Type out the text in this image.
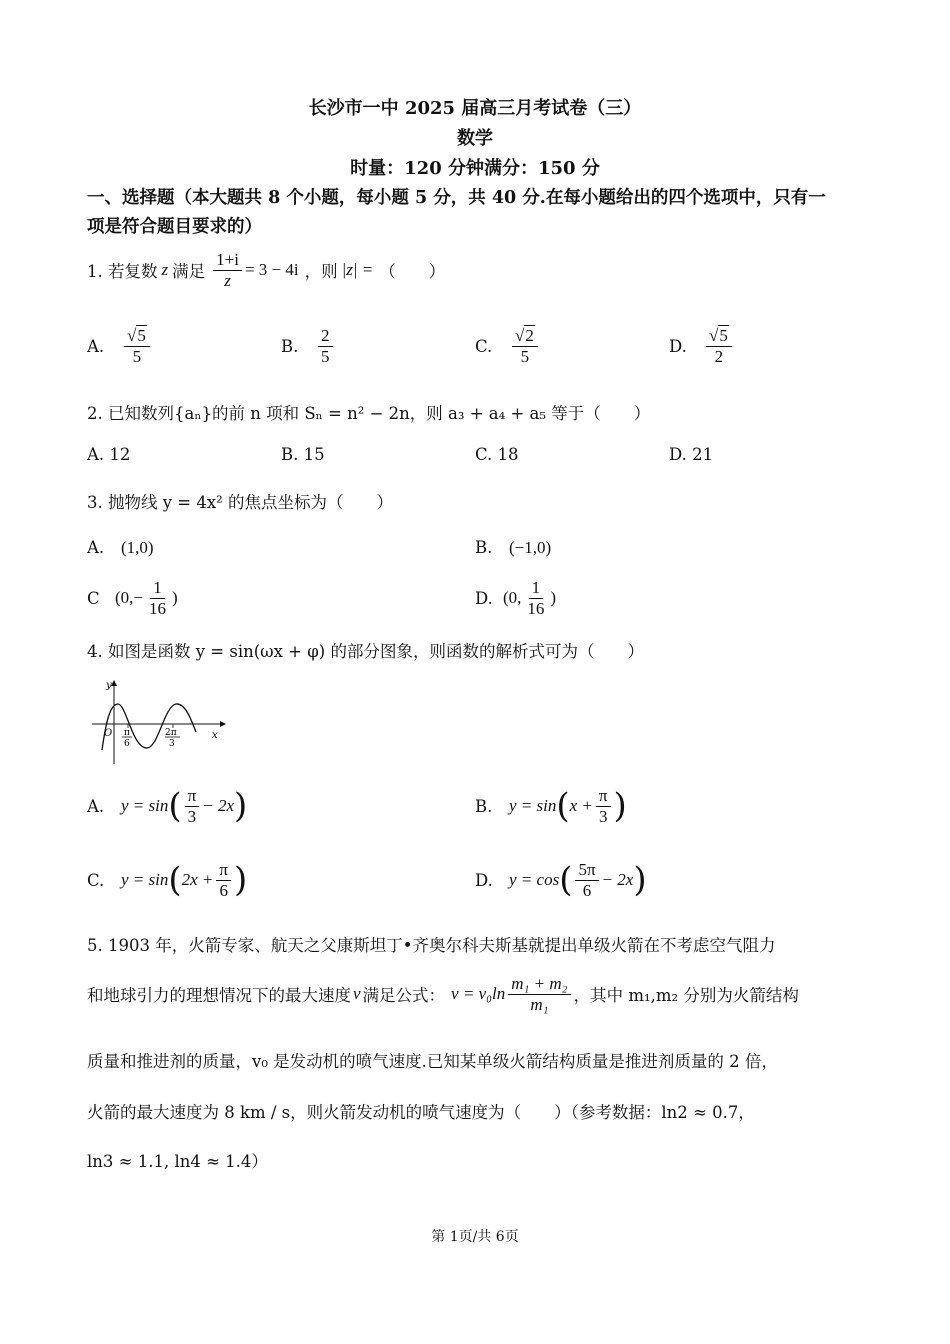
长沙市一中 2025 届高三月考试卷（三）
数学
时量：120 分钟满分：150 分
一、选择题（本大题共 8 个小题，每小题 5 分，共 40 分.在每小题给出的四个选项中，只有一
项是符合题目要求的）
1. 若复数 z 满足 $\frac{1+i}{z} = 3 - 4i$ ，则 |z| = （　　）
A.	$\frac{√5}{5}$	B.	$\frac{2}{5}$	C.	$\frac{√2}{5}$	D.	$\frac{√5}{2}$
2. 已知数列{aₙ}的前 n 项和 Sₙ = n² − 2n，则 a₃ + a₄ + a₅ 等于（　　）
A. 12	B. 15	C. 18	D. 21
3. 抛物线 y = 4x² 的焦点坐标为（　　）
A. (1,0)	B. (−1,0)
C ($0,- \frac{1}{16}$ )	D. (0, $\frac{1}{16}$ )
4. 如图是函数 y = sin(ωx + φ) 的部分图象，则函数的解析式可为（　　）
y
x
O π
6
2π
3
A. y = sin ( $\frac{\pi}{3} - 2x$ )	B. y = sin ( $x + \frac{\pi}{3}$ )
C. y = sin ( $2x + \frac{\pi}{6}$ )	D. y = cos ( $\frac{5\pi}{6} - 2x$ )
5. 1903 年，火箭专家、航天之父康斯坦丁•齐奥尔科夫斯基就提出单级火箭在不考虑空气阻力
和地球引力的理想情况下的最大速度 v 满足公式： $v = v_0\ln \frac{\text{m₁ + m₂}}{\text{m₁}}$ ，其中 m₁,m₂ 分别为火箭结构
质量和推进剂的质量，v₀ 是发动机的喷气速度.已知某单级火箭结构质量是推进剂质量的 2 倍，
火箭的最大速度为 8 km / s，则火箭发动机的喷气速度为（　　）（参考数据：ln2 ≈ 0.7，
ln3 ≈ 1.1, ln4 ≈ 1.4）
第 1页/共 6页
